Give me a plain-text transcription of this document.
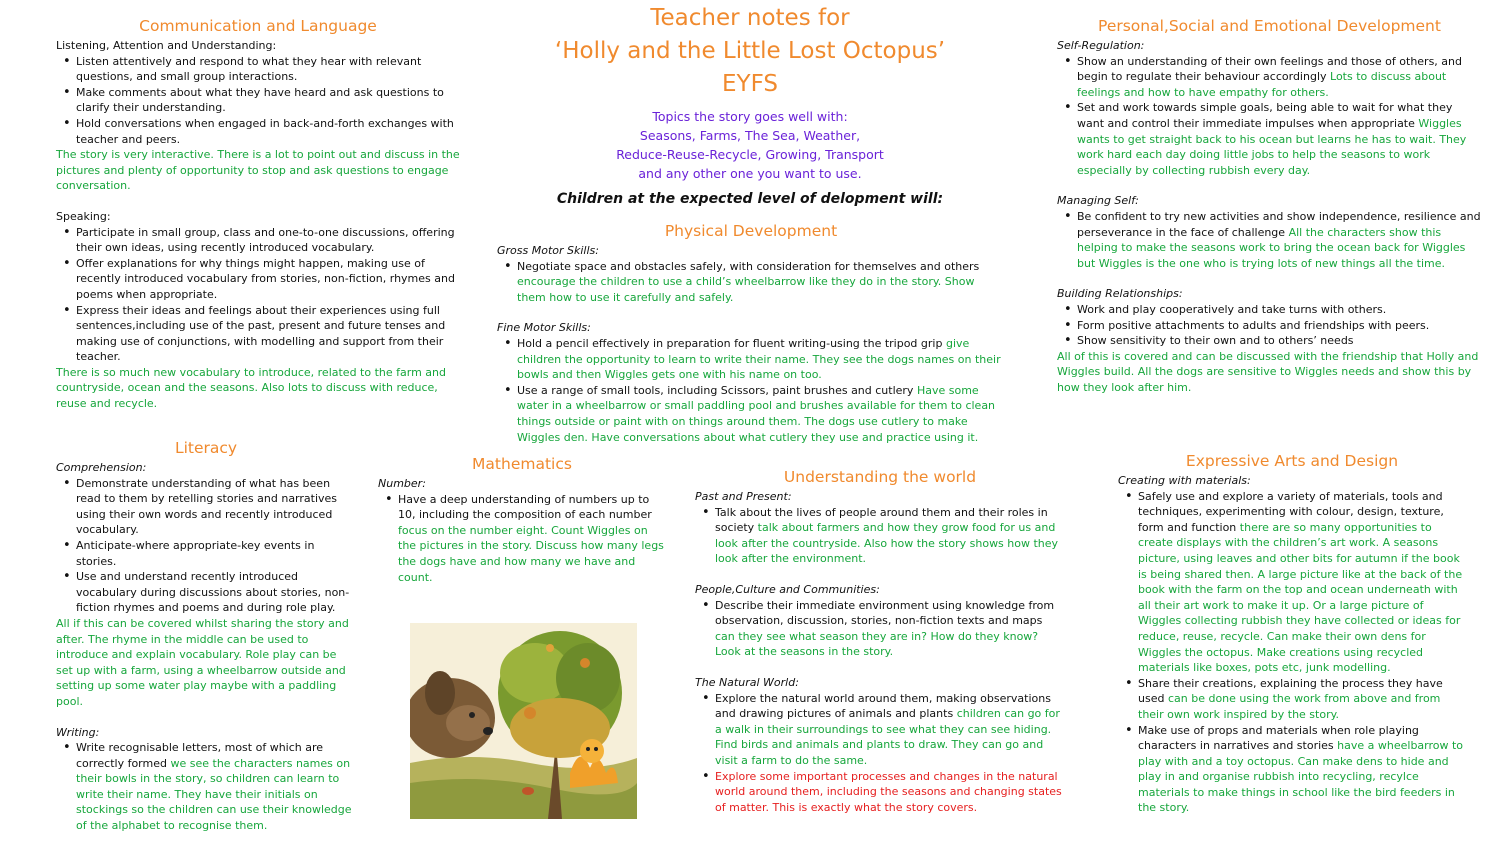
Teacher notes for
‘Holly and the Little Lost Octopus’
EYFS
Topics the story goes well with:
Seasons, Farms, The Sea, Weather,
Reduce-Reuse-Recycle, Growing, Transport
and any other one you want to use.
Children at the expected level of delopment will:
Communication and Language
Listening, Attention and Understanding:
• Listen attentively and respond to what they hear with relevant questions, and small group interactions.
• Make comments about what they have heard and ask questions to clarify their understanding.
• Hold conversations when engaged in back-and-forth exchanges with teacher and peers.
The story is very interactive. There is a lot to point out and discuss in the pictures and plenty of opportunity to stop and ask questions to engage conversation.
Speaking:
• Participate in small group, class and one-to-one discussions, offering their own ideas, using recently introduced vocabulary.
• Offer explanations for why things might happen, making use of recently introduced vocabulary from stories, non-fiction, rhymes and poems when appropriate.
• Express their ideas and feelings about their experiences using full sentences,including use of the past, present and future tenses and making use of conjunctions, with modelling and support from their teacher.
There is so much new vocabulary to introduce, related to the farm and countryside, ocean and the seasons. Also lots to discuss with reduce, reuse and recycle.
Physical Development
Gross Motor Skills:
• Negotiate space and obstacles safely, with consideration for themselves and others encourage the children to use a child’s wheelbarrow like they do in the story. Show them how to use it carefully and safely.
Fine Motor Skills:
• Hold a pencil effectively in preparation for fluent writing-using the tripod grip give children the opportunity to learn to write their name. They see the dogs names on their bowls and then Wiggles gets one with his name on too.
• Use a range of small tools, including Scissors, paint brushes and cutlery Have some water in a wheelbarrow or small paddling pool and brushes available for them to clean things outside or paint with on things around them. The dogs use cutlery to make Wiggles den. Have conversations about what cutlery they use and practice using it.
Personal,Social and Emotional Development
Self-Regulation:
• Show an understanding of their own feelings and those of others, and begin to regulate their behaviour accordingly Lots to discuss about feelings and how to have empathy for others.
• Set and work towards simple goals, being able to wait for what they want and control their immediate impulses when appropriate Wiggles wants to get straight back to his ocean but learns he has to wait. They work hard each day doing little jobs to help the seasons to work especially by collecting rubbish every day.
Managing Self:
• Be confident to try new activities and show independence, resilience and perseverance in the face of challenge All the characters show this helping to make the seasons work to bring the ocean back for Wiggles but Wiggles is the one who is trying lots of new things all the time.
Building Relationships:
• Work and play cooperatively and take turns with others.
• Form positive attachments to adults and friendships with peers.
• Show sensitivity to their own and to others’ needs
All of this is covered and can be discussed with the friendship that Holly and Wiggles build. All the dogs are sensitive to Wiggles needs and show this by how they look after him.
Literacy
Comprehension:
• Demonstrate understanding of what has been read to them by retelling stories and narratives using their own words and recently introduced vocabulary.
• Anticipate-where appropriate-key events in stories.
• Use and understand recently introduced vocabulary during discussions about stories, non-fiction rhymes and poems and during role play.
All if this can be covered whilst sharing the story and after. The rhyme in the middle can be used to introduce and explain vocabulary. Role play can be set up with a farm, using a wheelbarrow outside and setting up some water play maybe with a paddling pool.
Writing:
• Write recognisable letters, most of which are correctly formed we see the characters names on their bowls in the story, so children can learn to write their name. They have their initials on stockings so the children can use their knowledge of the alphabet to recognise them.
Mathematics
Number:
• Have a deep understanding of numbers up to 10, including the composition of each number focus on the number eight. Count Wiggles on the pictures in the story. Discuss how many legs the dogs have and how many we have and count.
Understanding the world
Past and Present:
• Talk about the lives of people around them and their roles in society talk about farmers and how they grow food for us and look after the countryside. Also how the story shows how they look after the environment.
People,Culture and Communities:
• Describe their immediate environment using knowledge from observation, discussion, stories, non-fiction texts and maps can they see what season they are in? How do they know? Look at the seasons in the story.
The Natural World:
• Explore the natural world around them, making observations and drawing pictures of animals and plants children can go for a walk in their surroundings to see what they can see hiding. Find birds and animals and plants to draw. They can go and visit a farm to do the same.
• Explore some important processes and changes in the natural world around them, including the seasons and changing states of matter. This is exactly what the story covers.
Expressive Arts and Design
Creating with materials:
• Safely use and explore a variety of materials, tools and techniques, experimenting with colour, design, texture, form and function there are so many opportunities to create displays with the children’s art work. A seasons picture, using leaves and other bits for autumn if the book is being shared then. A large picture like at the back of the book with the farm on the top and ocean underneath with all their art work to make it up. Or a large picture of Wiggles collecting rubbish they have collected or ideas for reduce, reuse, recycle. Can make their own dens for Wiggles the octopus. Make creations using recycled materials like boxes, pots etc, junk modelling.
• Share their creations, explaining the process they have used can be done using the work from above and from their own work inspired by the story.
• Make use of props and materials when role playing characters in narratives and stories have a wheelbarrow to play with and a toy octopus. Can make dens to hide and play in and organise rubbish into recycling, recylce materials to make things in school like the bird feeders in the story.
